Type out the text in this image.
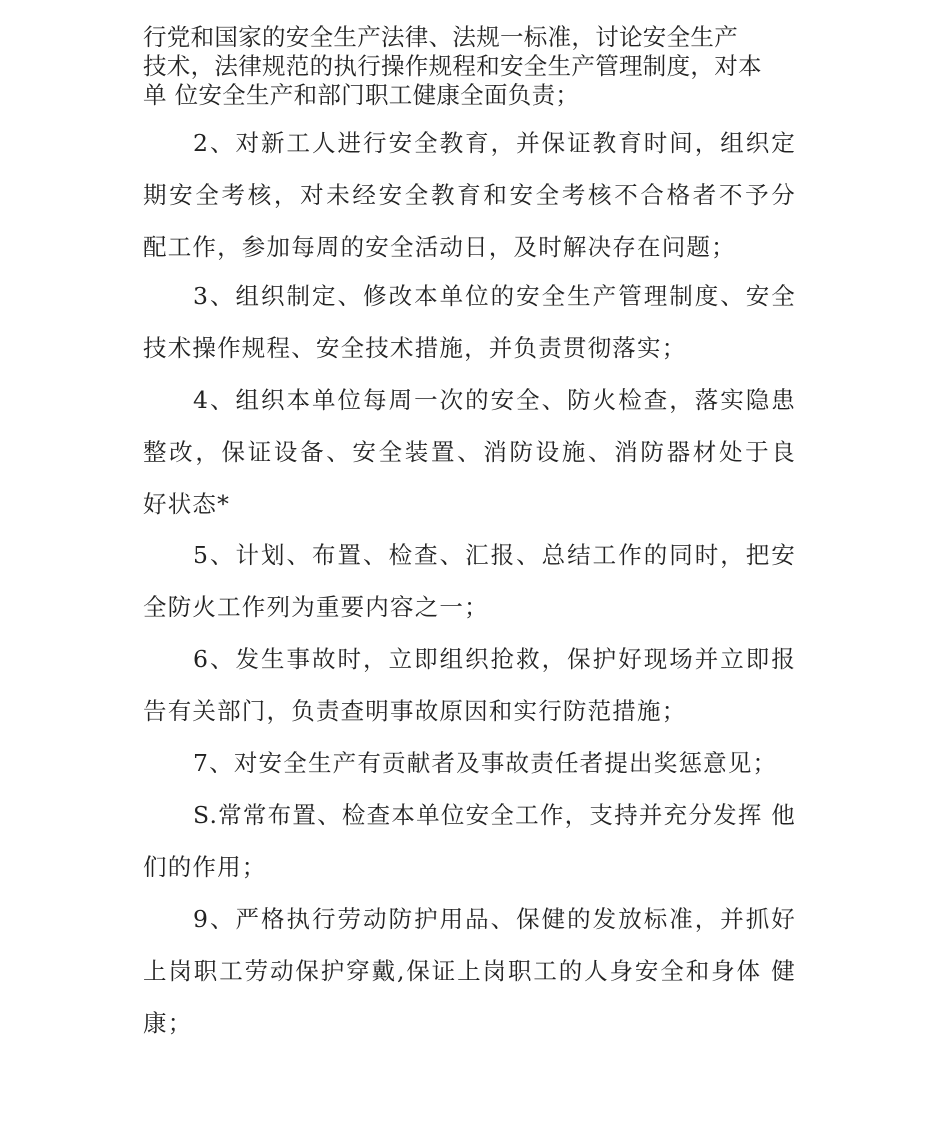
行党和国家的安全生产法律、法规一标准，讨论安全生产
技术，法律规范的执行操作规程和安全生产管理制度，对本
单 位安全生产和部门职工健康全面负责；
2、对新工人进行安全教育，并保证教育时间，组织定
期安全考核，对未经安全教育和安全考核不合格者不予分
配工作，参加每周的安全活动日，及时解决存在问题；
3、组织制定、修改本单位的安全生产管理制度、安全
技术操作规程、安全技术措施，并负责贯彻落实；
4、组织本单位每周一次的安全、防火检查，落实隐患
整改，保证设备、安全装置、消防设施、消防器材处于良
好状态*
5、计划、布置、检查、汇报、总结工作的同时，把安
全防火工作列为重要内容之一；
6、发生事故时，立即组织抢救，保护好现场并立即报
告有关部门，负责查明事故原因和实行防范措施；
7、对安全生产有贡献者及事故责任者提出奖惩意见；
S.常常布置、检查本单位安全工作，支持并充分发挥 他
们的作用；
9、严格执行劳动防护用品、保健的发放标准，并抓好
上岗职工劳动保护穿戴,保证上岗职工的人身安全和身体 健
康；
